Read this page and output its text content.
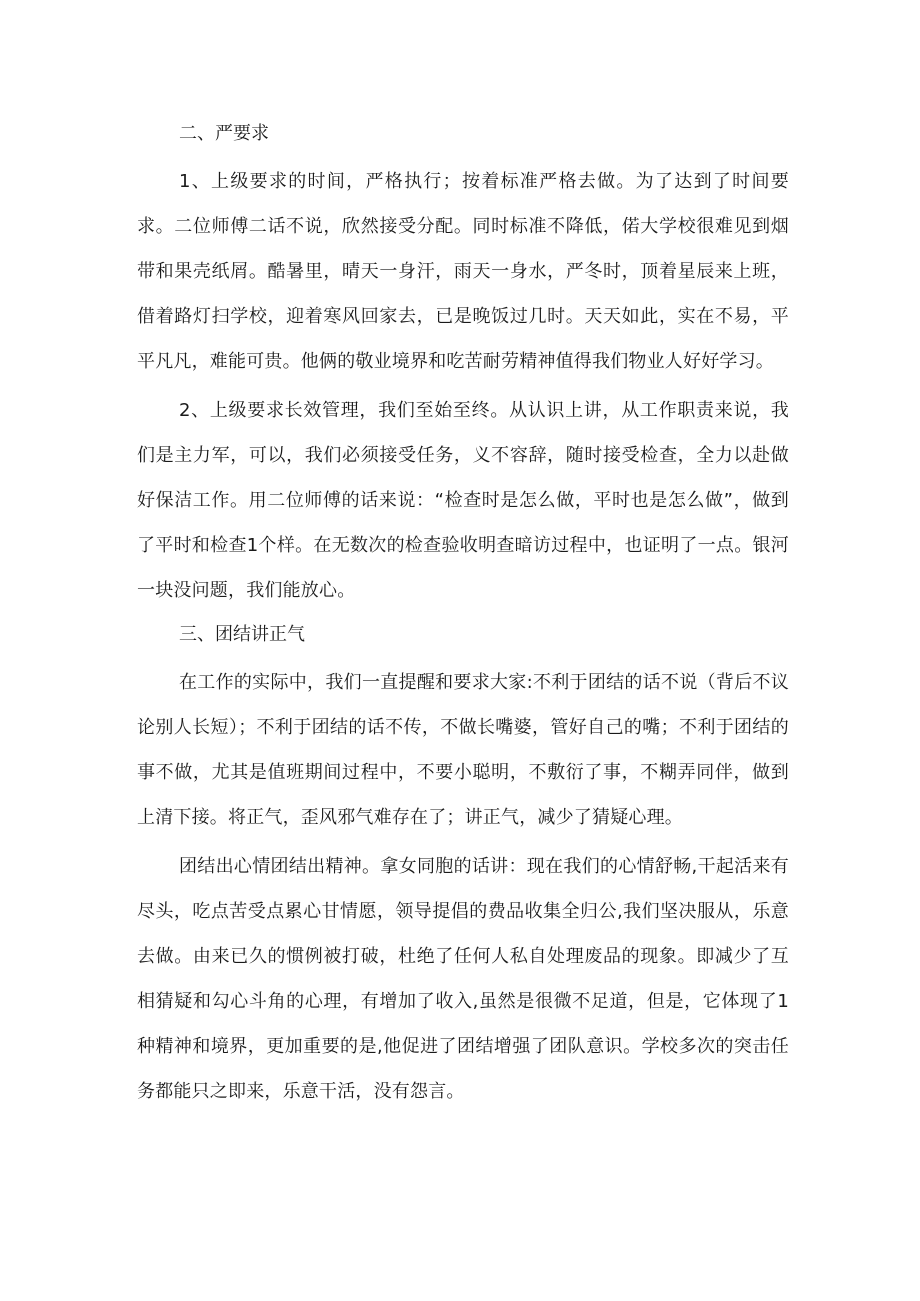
二、严要求

1、上级要求的时间，严格执行；按着标准严格去做。为了达到了时间要求。二位师傅二话不说，欣然接受分配。同时标准不降低，偌大学校很难见到烟带和果壳纸屑。酷暑里，晴天一身汗，雨天一身水，严冬时，顶着星辰来上班，借着路灯扫学校，迎着寒风回家去，已是晚饭过几时。天天如此，实在不易，平平凡凡，难能可贵。他俩的敬业境界和吃苦耐劳精神值得我们物业人好好学习。

2、上级要求长效管理，我们至始至终。从认识上讲，从工作职责来说，我们是主力军，可以，我们必须接受任务，义不容辞，随时接受检查，全力以赴做好保洁工作。用二位师傅的话来说：“检查时是怎么做，平时也是怎么做”，做到了平时和检查1个样。在无数次的检查验收明查暗访过程中，也证明了一点。银河一块没问题，我们能放心。

三、团结讲正气

在工作的实际中，我们一直提醒和要求大家:不利于团结的话不说（背后不议论别人长短）；不利于团结的话不传，不做长嘴婆，管好自己的嘴；不利于团结的事不做，尤其是值班期间过程中，不要小聪明，不敷衍了事，不糊弄同伴，做到上清下接。将正气，歪风邪气难存在了；讲正气，减少了猜疑心理。

团结出心情团结出精神。拿女同胞的话讲：现在我们的心情舒畅,干起活来有尽头，吃点苦受点累心甘情愿，领导提倡的费品收集全归公,我们坚决服从，乐意去做。由来已久的惯例被打破，杜绝了任何人私自处理废品的现象。即减少了互相猜疑和勾心斗角的心理，有增加了收入,虽然是很微不足道，但是，它体现了1种精神和境界，更加重要的是,他促进了团结增强了团队意识。学校多次的突击任务都能只之即来，乐意干活，没有怨言。
